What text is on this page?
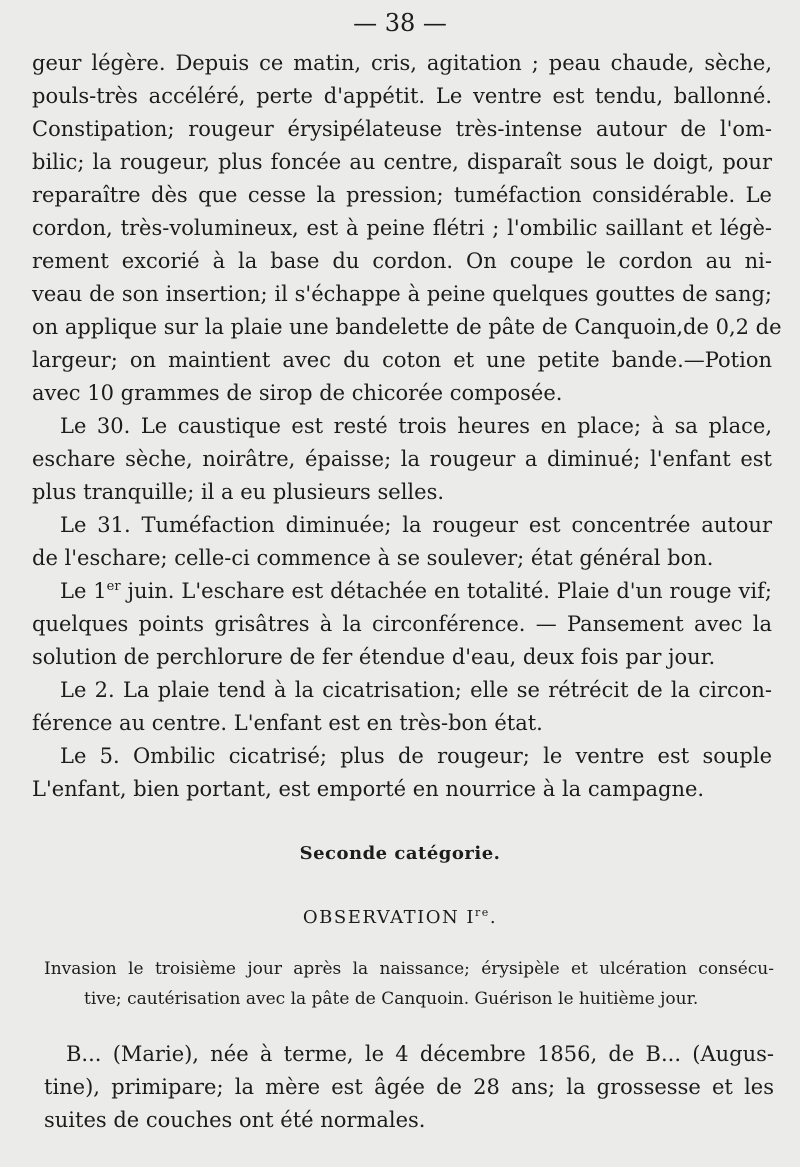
— 38 —
geur légère. Depuis ce matin, cris, agitation ; peau chaude, sèche,
pouls-très accéléré, perte d'appétit. Le ventre est tendu, ballonné.
Constipation; rougeur érysipélateuse très-intense autour de l'om-
bilic; la rougeur, plus foncée au centre, disparaît sous le doigt, pour
reparaître dès que cesse la pression; tuméfaction considérable. Le
cordon, très-volumineux, est à peine flétri ; l'ombilic saillant et légè-
rement excorié à la base du cordon. On coupe le cordon au ni-
veau de son insertion; il s'échappe à peine quelques gouttes de sang;
on applique sur la plaie une bandelette de pâte de Canquoin,de 0,2 de
largeur; on maintient avec du coton et une petite bande.—Potion
avec 10 grammes de sirop de chicorée composée.
Le 30. Le caustique est resté trois heures en place; à sa place,
eschare sèche, noirâtre, épaisse; la rougeur a diminué; l'enfant est
plus tranquille; il a eu plusieurs selles.
Le 31. Tuméfaction diminuée; la rougeur est concentrée autour
de l'eschare; celle-ci commence à se soulever; état général bon.
Le 1er juin. L'eschare est détachée en totalité. Plaie d'un rouge vif;
quelques points grisâtres à la circonférence. — Pansement avec la
solution de perchlorure de fer étendue d'eau, deux fois par jour.
Le 2. La plaie tend à la cicatrisation; elle se rétrécit de la circon-
férence au centre. L'enfant est en très-bon état.
Le 5. Ombilic cicatrisé; plus de rougeur; le ventre est souple
L'enfant, bien portant, est emporté en nourrice à la campagne.
Seconde catégorie.
OBSERVATION Ire.
Invasion le troisième jour après la naissance; érysipèle et ulcération consécu-
tive; cautérisation avec la pâte de Canquoin. Guérison le huitième jour.
B... (Marie), née à terme, le 4 décembre 1856, de B... (Augus-
tine), primipare; la mère est âgée de 28 ans; la grossesse et les
suites de couches ont été normales.
